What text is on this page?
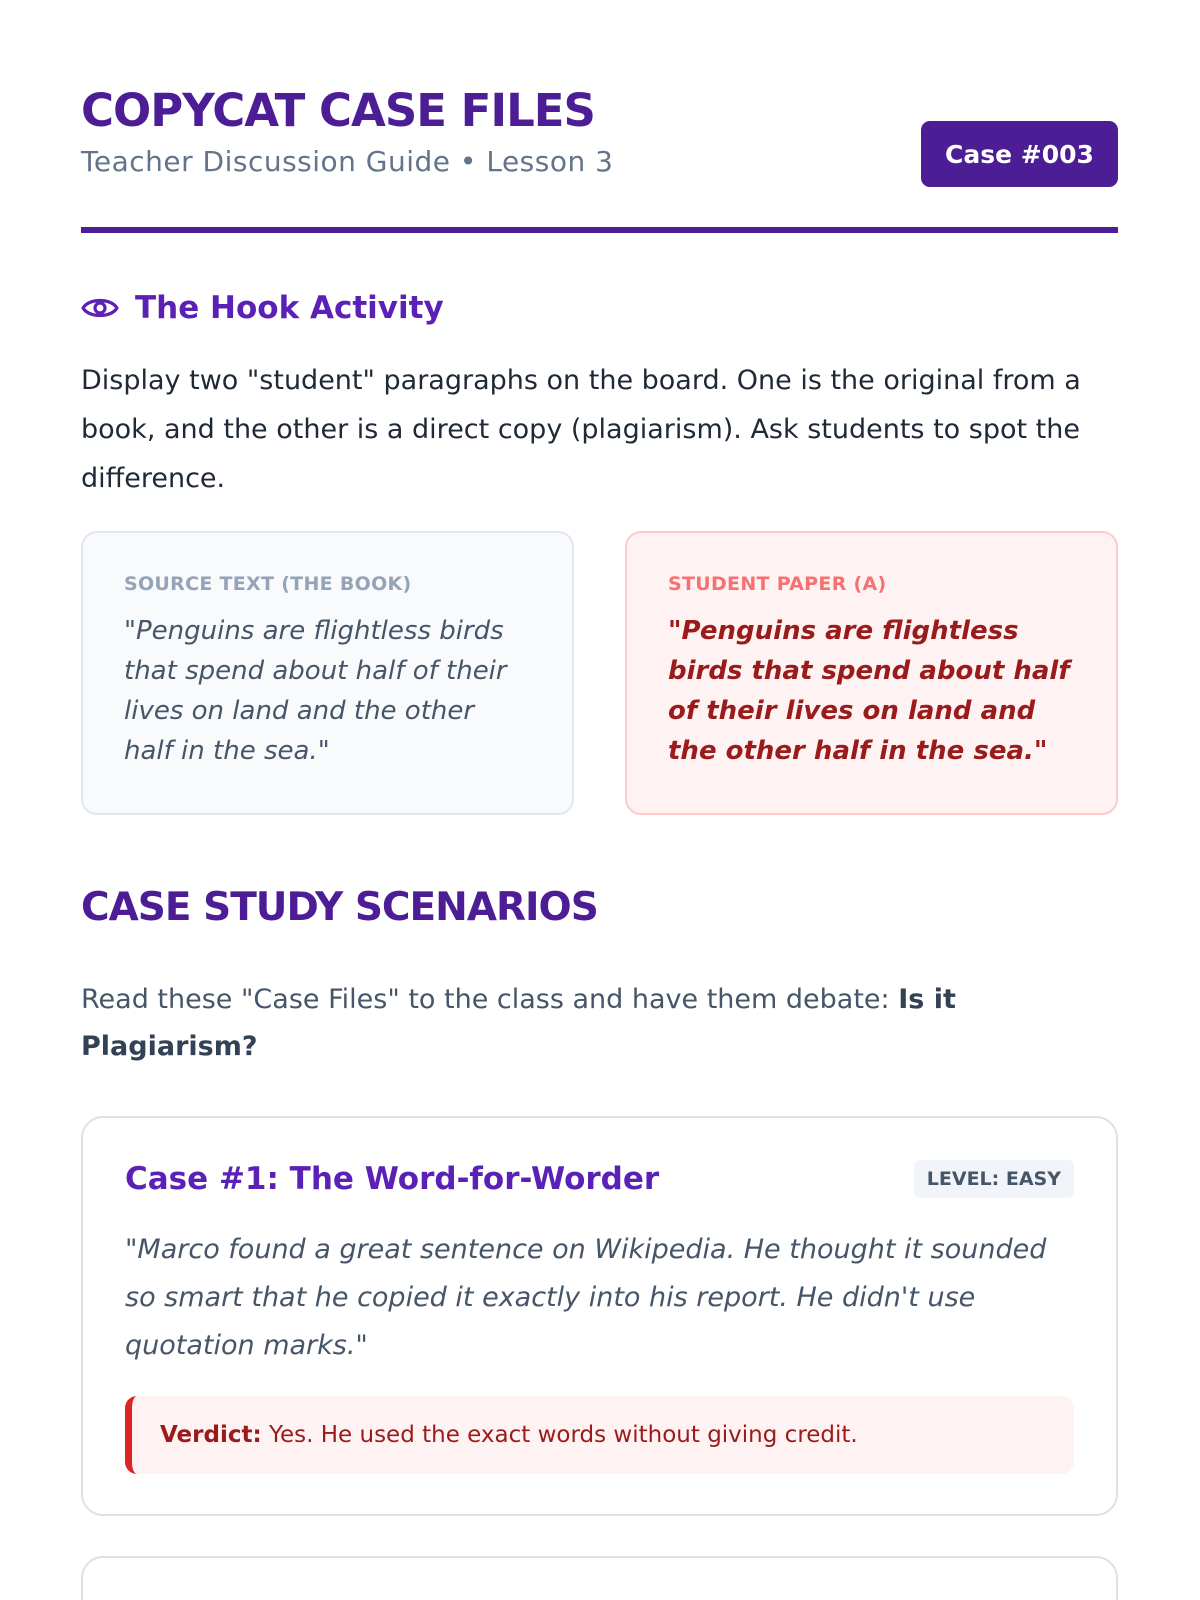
COPYCAT CASE FILES
Teacher Discussion Guide • Lesson 3	Case #003
The Hook Activity

Display two "student" paragraphs on the board. One is the original from a book, and the other is a direct copy (plagiarism). Ask students to spot the difference.

SOURCE TEXT (THE BOOK)
"Penguins are flightless birds that spend about half of their lives on land and the other half in the sea."
STUDENT PAPER (A)
"Penguins are flightless birds that spend about half of their lives on land and the other half in the sea."
CASE STUDY SCENARIOS

Read these "Case Files" to the class and have them debate: Is it Plagiarism?

Case #1: The Word-for-Worder	LEVEL: EASY

"Marco found a great sentence on Wikipedia. He thought it sounded so smart that he copied it exactly into his report. He didn't use quotation marks."

Verdict: Yes. He used the exact words without giving credit.
